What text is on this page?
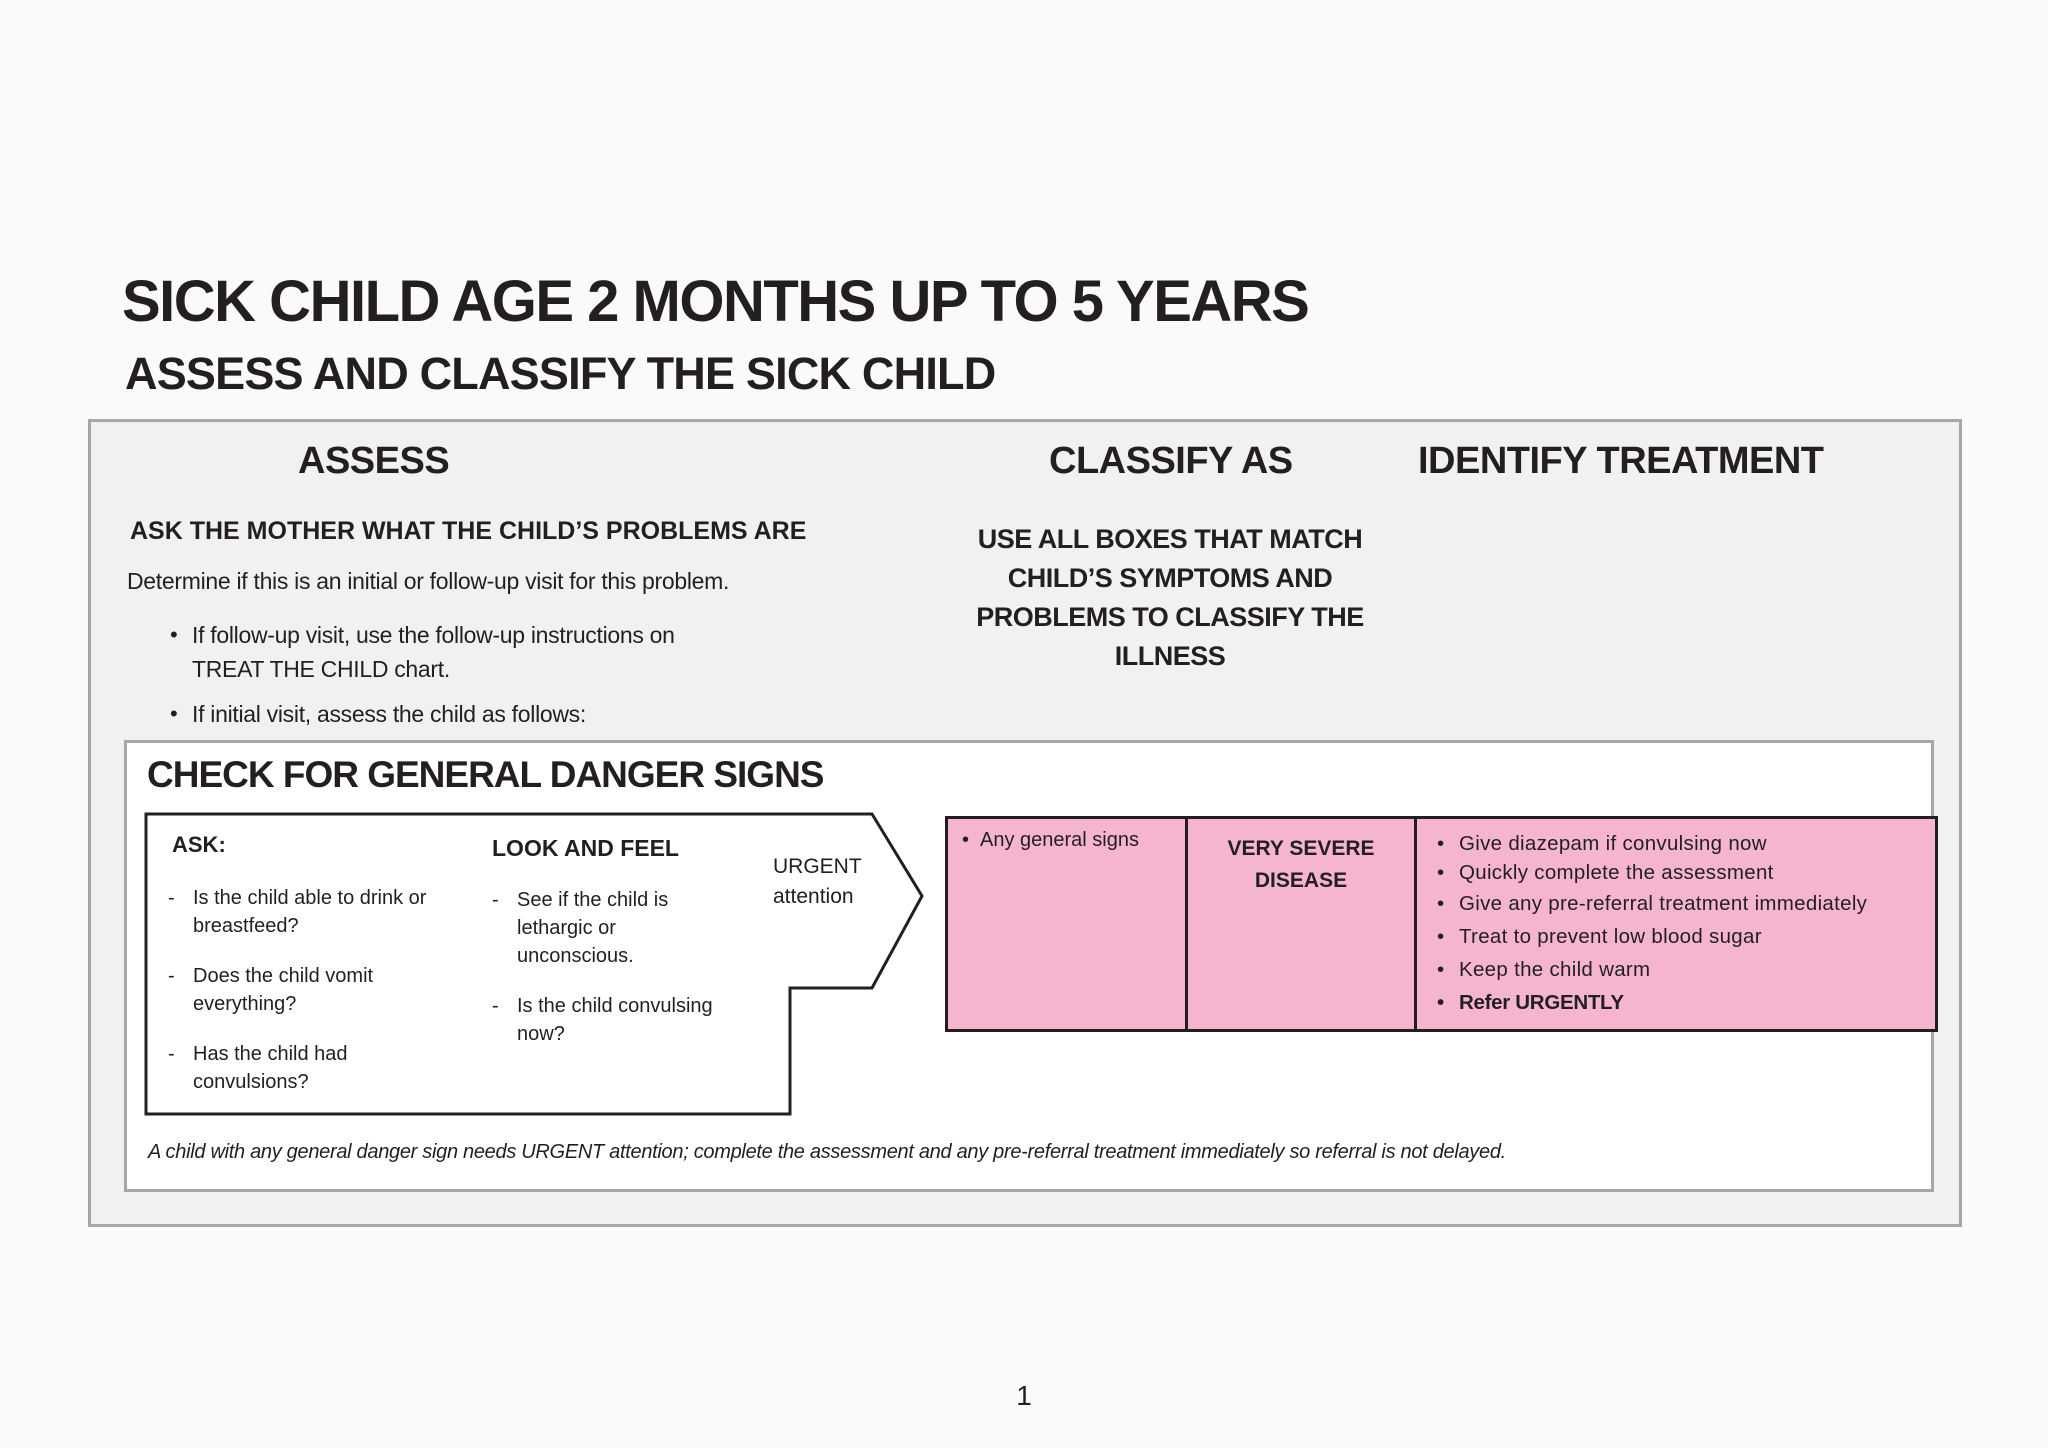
SICK CHILD AGE 2 MONTHS UP TO 5 YEARS
ASSESS AND CLASSIFY THE SICK CHILD
ASSESS	CLASSIFY AS	IDENTIFY TREATMENT
ASK THE MOTHER WHAT THE CHILD’S PROBLEMS ARE
Determine if this is an initial or follow-up visit for this problem.
• If follow-up visit, use the follow-up instructions on TREAT THE CHILD chart.
• If initial visit, assess the child as follows:
USE ALL BOXES THAT MATCH CHILD’S SYMPTOMS AND PROBLEMS TO CLASSIFY THE ILLNESS
CHECK FOR GENERAL DANGER SIGNS
ASK:
- Is the child able to drink or breastfeed?
- Does the child vomit everything?
- Has the child had convulsions?
LOOK AND FEEL
- See if the child is lethargic or unconscious.
- Is the child convulsing now?
URGENT attention
• Any general signs	VERY SEVERE DISEASE

• Give diazepam if convulsing now
• Quickly complete the assessment
• Give any pre-referral treatment immediately
• Treat to prevent low blood sugar
• Keep the child warm
• Refer URGENTLY
A child with any general danger sign needs URGENT attention; complete the assessment and any pre-referral treatment immediately so referral is not delayed.
1
